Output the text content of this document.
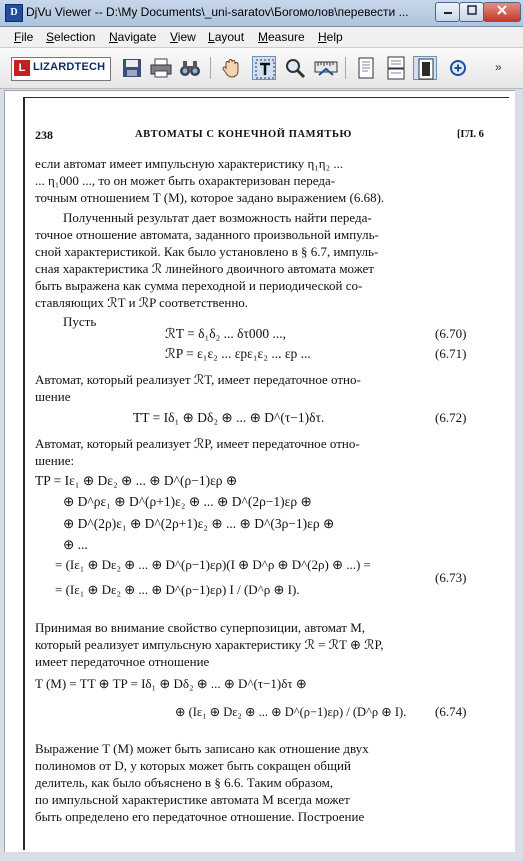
D DjVu Viewer -- D:\My Documents\_uni-saratov\Богомолов\перевести ...
File Selection Navigate View Layout Measure Help
L LIZARDTECH	»
238	АВТОМАТЫ С КОНЕЧНОЙ ПАМЯТЬЮ	[ГЛ. 6
если автомат имеет импульсную характеристику η₁η₂ ...
... η₁000 ..., то он может быть охарактеризован переда-
точным отношением T (M), которое задано выражением (6.68).
Полученный результат дает возможность найти переда-
точное отношение автомата, заданного произвольной импуль-
сной характеристикой. Как было установлено в § 6.7, импуль-
сная характеристика ℛ линейного двоичного автомата может
быть выражена как сумма переходной и периодической со-
ставляющих ℛT и ℛP соответственно.
Пусть
ℛT = δ₁δ₂ ... δτ000 ...,	(6.70)
ℛP = ε₁ε₂ ... εpε₁ε₂ ... εp ...	(6.71)
Автомат, который реализует ℛT, имеет передаточное отно-
шение
TT = Iδ₁ ⊕ Dδ₂ ⊕ ... ⊕ D^(τ−1)δτ.	(6.72)
Автомат, который реализует ℛP, имеет передаточное отно-
шение:
TP = Iε₁ ⊕ Dε₂ ⊕ ... ⊕ D^(ρ−1)ερ ⊕
⊕ D^ρε₁ ⊕ D^(ρ+1)ε₂ ⊕ ... ⊕ D^(2ρ−1)ερ ⊕
⊕ D^(2ρ)ε₁ ⊕ D^(2ρ+1)ε₂ ⊕ ... ⊕ D^(3ρ−1)ερ ⊕
⊕ ...
= (Iε₁ ⊕ Dε₂ ⊕ ... ⊕ D^(ρ−1)ερ)(I ⊕ D^ρ ⊕ D^(2ρ) ⊕ ...) =
= (Iε₁ ⊕ Dε₂ ⊕ ... ⊕ D^(ρ−1)ερ) I / (D^ρ ⊕ I).
(6.73)
Принимая во внимание свойство суперпозиции, автомат M,
который реализует импульсную характеристику ℛ = ℛT ⊕ ℛP,
имеет передаточное отношение
T (M) = TT ⊕ TP = Iδ₁ ⊕ Dδ₂ ⊕ ... ⊕ D^(τ−1)δτ ⊕
⊕ (Iε₁ ⊕ Dε₂ ⊕ ... ⊕ D^(ρ−1)ερ) / (D^ρ ⊕ I). (6.74)
Выражение T (M) может быть записано как отношение двух
полиномов от D, у которых может быть сокращен общий
делитель, как было объяснено в § 6.6. Таким образом,
по импульсной характеристике автомата M всегда может
быть определено его передаточное отношение. Построение
